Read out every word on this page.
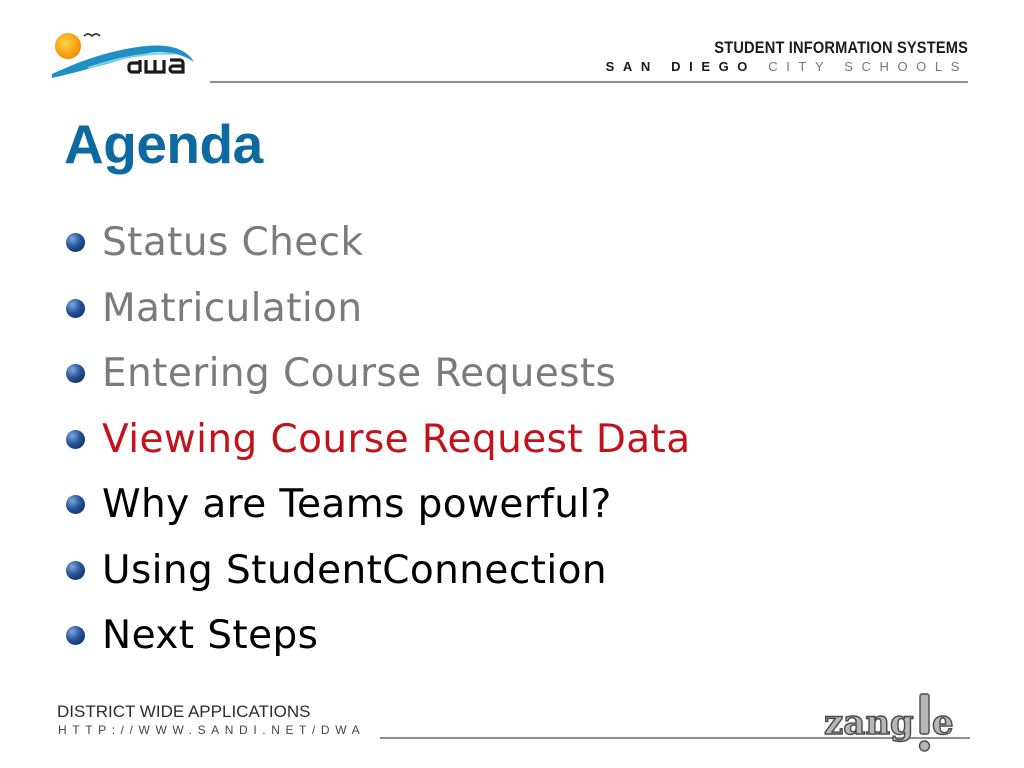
STUDENT INFORMATION SYSTEMS
SAN DIEGO CITY SCHOOLS
Agenda
Status Check
Matriculation
Entering Course Requests
Viewing Course Request Data
Why are Teams powerful?
Using StudentConnection
Next Steps
DISTRICT WIDE APPLICATIONS
HTTP://WWW.SANDI.NET/DWA	zang e
